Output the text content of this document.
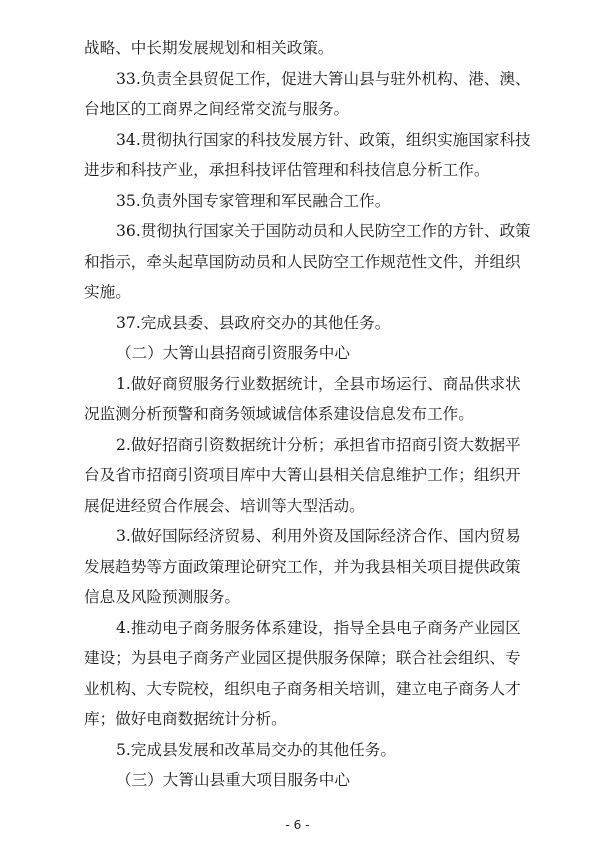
战略、中长期发展规划和相关政策。

33.负责全县贸促工作，促进大箐山县与驻外机构、港、澳、

台地区的工商界之间经常交流与服务。

34.贯彻执行国家的科技发展方针、政策，组织实施国家科技

进步和科技产业，承担科技评估管理和科技信息分析工作。

35.负责外国专家管理和军民融合工作。

36.贯彻执行国家关于国防动员和人民防空工作的方针、政策

和指示，牵头起草国防动员和人民防空工作规范性文件，并组织

实施。

37.完成县委、县政府交办的其他任务。

（二）大箐山县招商引资服务中心

1.做好商贸服务行业数据统计，全县市场运行、商品供求状

况监测分析预警和商务领域诚信体系建设信息发布工作。

2.做好招商引资数据统计分析；承担省市招商引资大数据平

台及省市招商引资项目库中大箐山县相关信息维护工作；组织开

展促进经贸合作展会、培训等大型活动。

3.做好国际经济贸易、利用外资及国际经济合作、国内贸易

发展趋势等方面政策理论研究工作，并为我县相关项目提供政策

信息及风险预测服务。

4.推动电子商务服务体系建设，指导全县电子商务产业园区

建设；为县电子商务产业园区提供服务保障；联合社会组织、专

业机构、大专院校，组织电子商务相关培训，建立电子商务人才

库；做好电商数据统计分析。

5.完成县发展和改革局交办的其他任务。

（三）大箐山县重大项目服务中心

- 6 -
